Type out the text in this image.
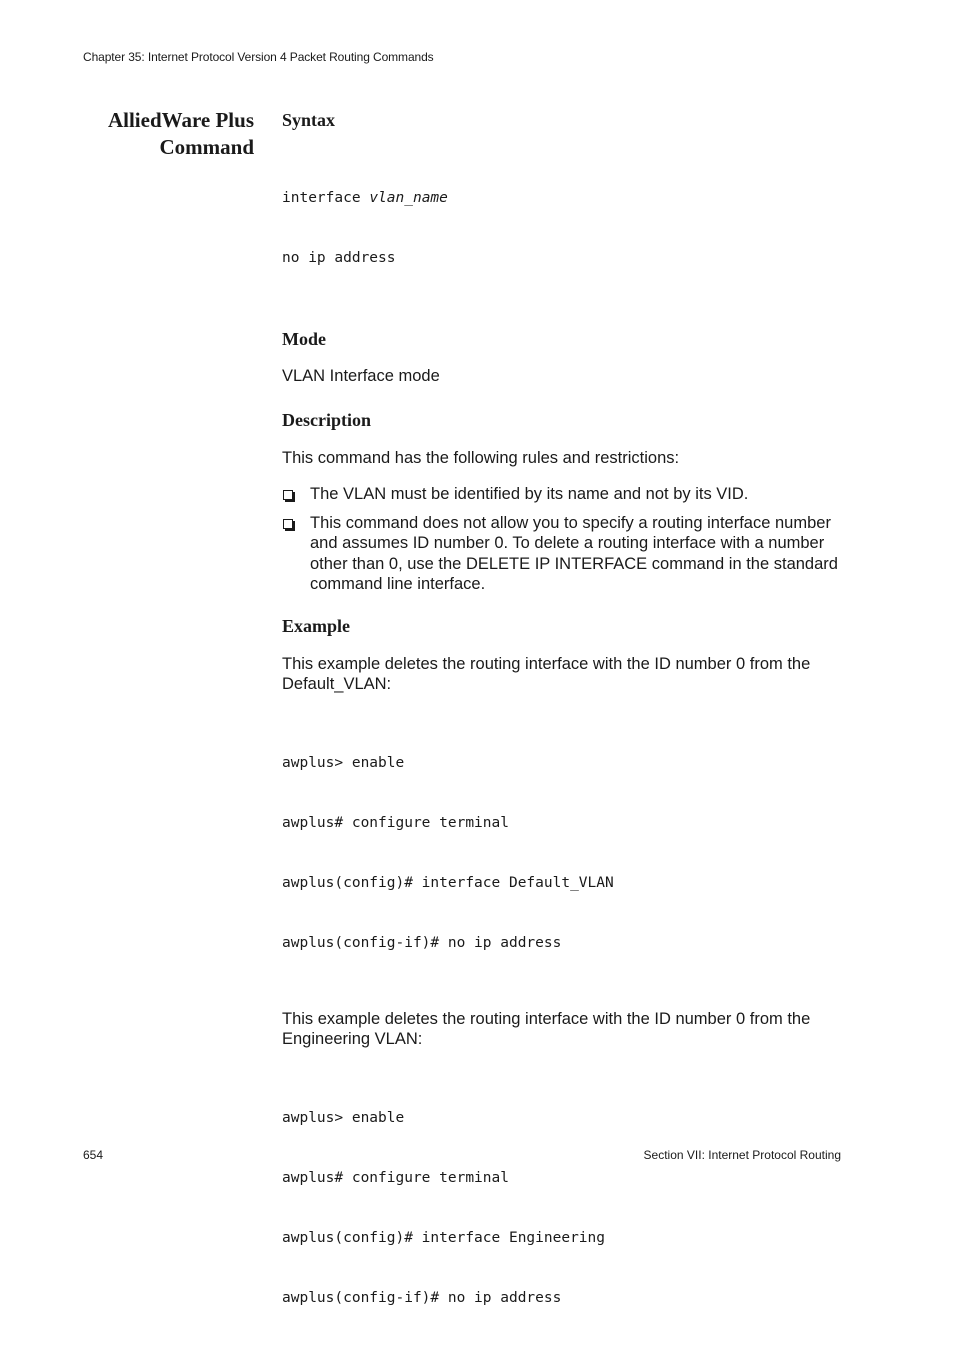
Chapter 35: Internet Protocol Version 4 Packet Routing Commands
AlliedWare Plus
Command
Syntax

interface vlan_name

no ip address

Mode

VLAN Interface mode

Description

This command has the following rules and restrictions:

The VLAN must be identified by its name and not by its VID.
This command does not allow you to specify a routing interface number and assumes ID number 0. To delete a routing interface with a number other than 0, use the DELETE IP INTERFACE command in the standard command line interface.
Example

This example deletes the routing interface with the ID number 0 from the Default_VLAN:

awplus> enable

awplus# configure terminal

awplus(config)# interface Default_VLAN

awplus(config-if)# no ip address

This example deletes the routing interface with the ID number 0 from the Engineering VLAN:

awplus> enable

awplus# configure terminal

awplus(config)# interface Engineering

awplus(config-if)# no ip address

654	Section VII: Internet Protocol Routing
